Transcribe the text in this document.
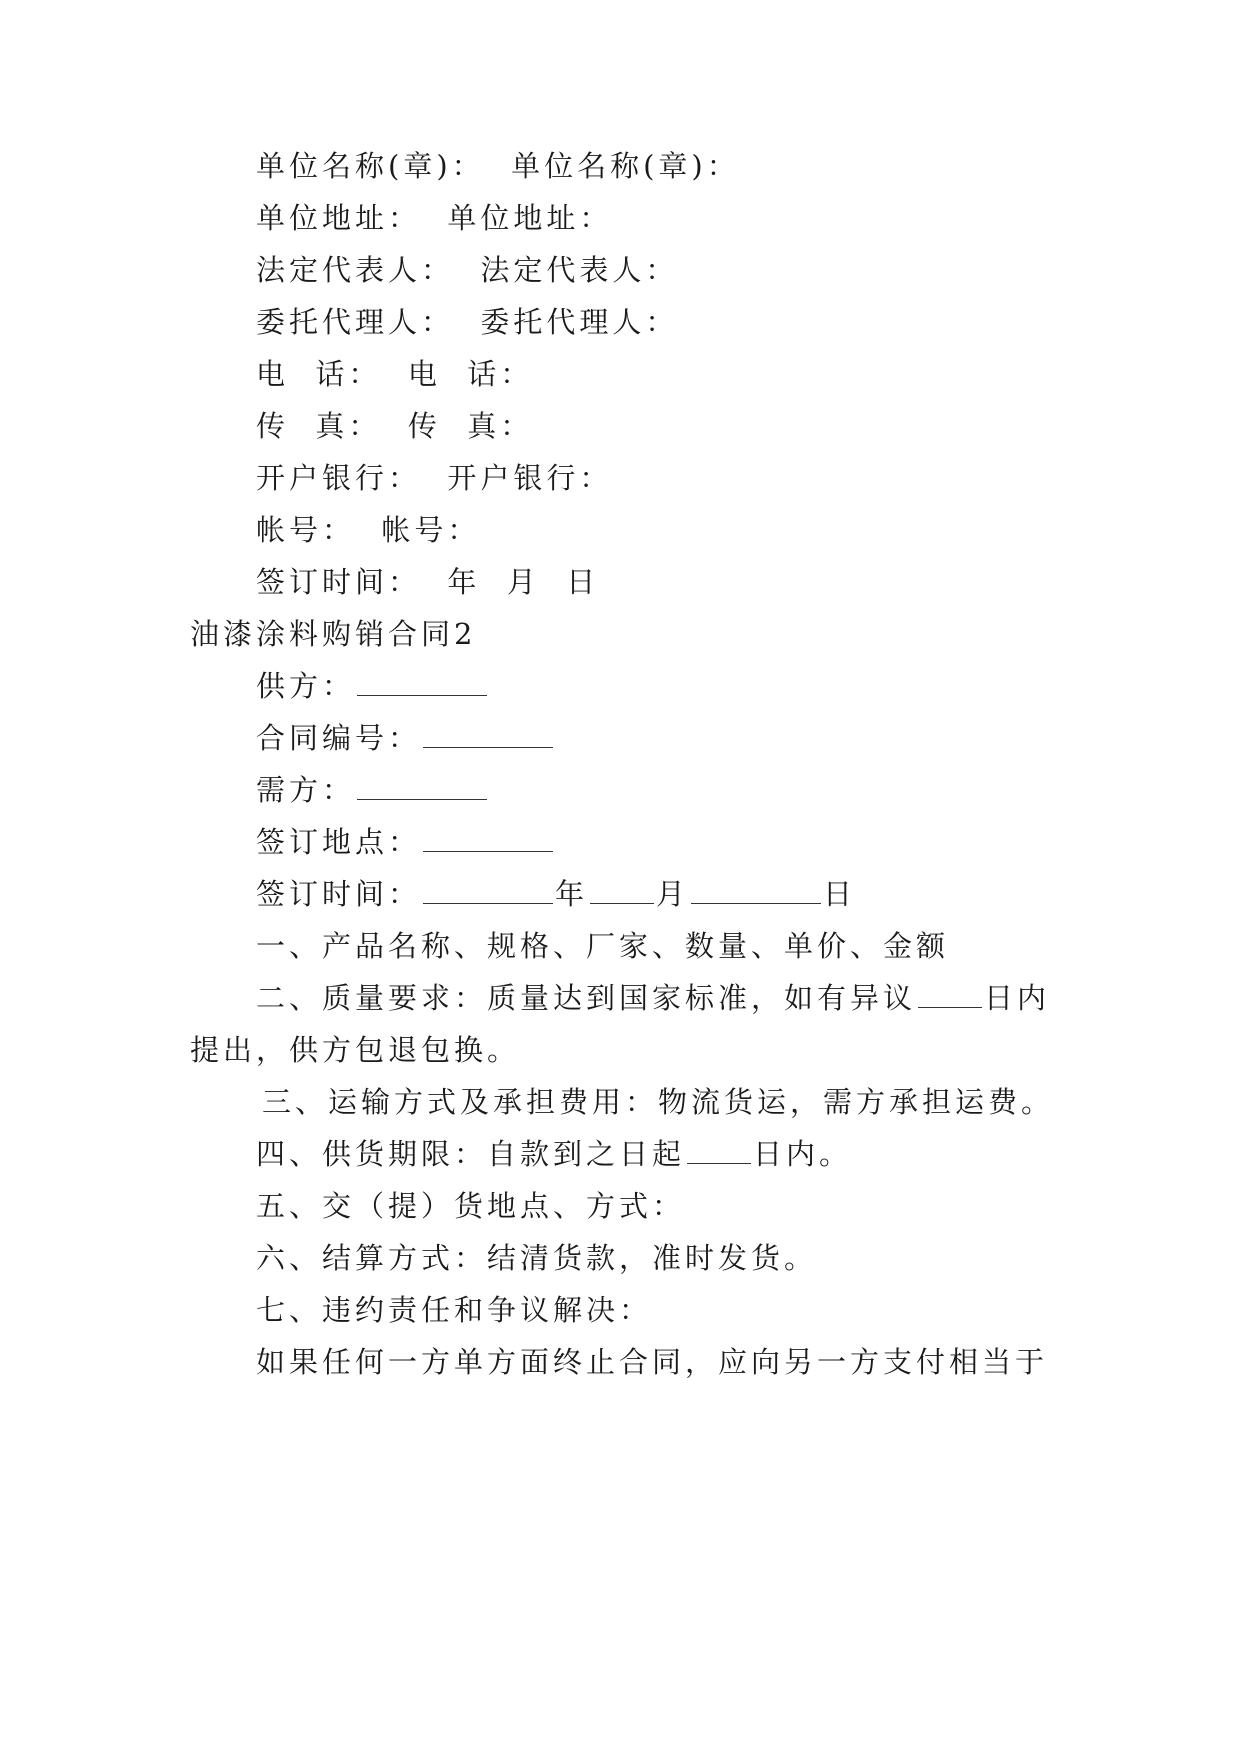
单位名称(章)：  单位名称(章)：
单位地址：  单位地址：
法定代表人：  法定代表人：
委托代理人：  委托代理人：
电  话：  电  话：
传  真：  传  真：
开户银行：  开户银行：
帐号：  帐号：
签订时间：  年  月  日
油漆涂料购销合同2
供方：
合同编号：
需方：
签订地点：
签订时间：	年 月	日
一、产品名称、规格、厂家、数量、单价、金额
二、质量要求：质量达到国家标准，如有异议 日内
提出，供方包退包换。
三、运输方式及承担费用：物流货运，需方承担运费。
四、供货期限：自款到之日起 日内。
五、交（提）货地点、方式：
六、结算方式：结清货款，准时发货。
七、违约责任和争议解决：
如果任何一方单方面终止合同，应向另一方支付相当于
